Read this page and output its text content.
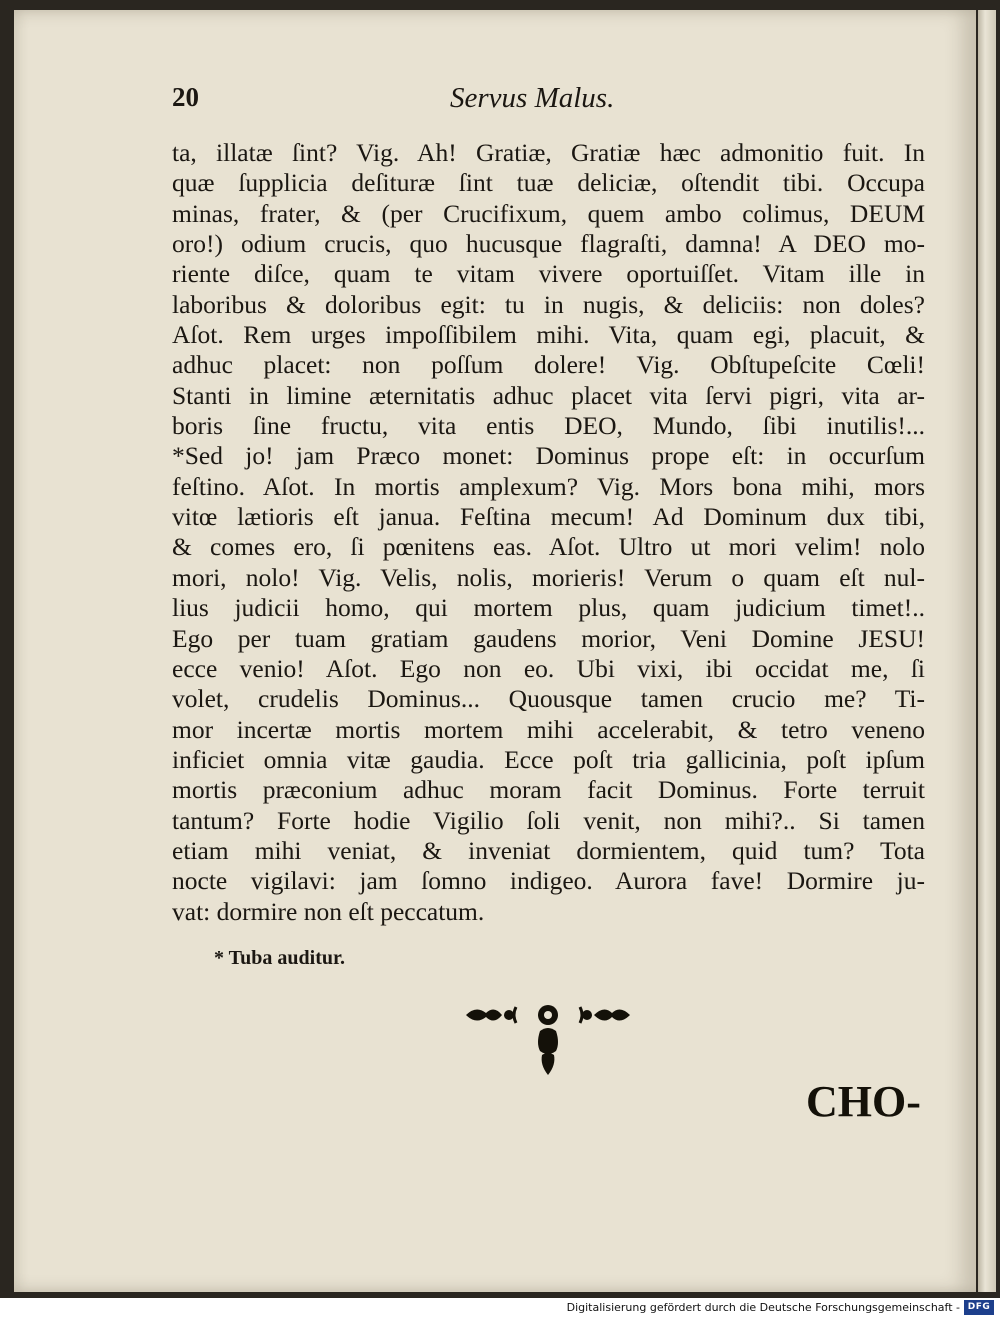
20	Servus Malus.
ta, illatæ ſint? Vig. Ah! Gratiæ, Gratiæ hæc admonitio fuit. In
quæ ſupplicia deſituræ ſint tuæ deliciæ, oſtendit tibi. Occupa
minas, frater, & (per Crucifixum, quem ambo colimus, DEUM
oro!) odium crucis, quo hucusque flagraſti, damna! A DEO mo-
riente diſce, quam te vitam vivere oportuiſſet. Vitam ille in
laboribus & doloribus egit: tu in nugis, & deliciis: non doles?
Aſot. Rem urges impoſſibilem mihi. Vita, quam egi, placuit, &
adhuc placet: non poſſum dolere! Vig. Obſtupeſcite Cœli!
Stanti in limine æternitatis adhuc placet vita ſervi pigri, vita ar-
boris ſine fructu, vita entis DEO, Mundo, ſibi inutilis!...
*Sed jo! jam Præco monet: Dominus prope eſt: in occurſum
feſtino. Aſot. In mortis amplexum? Vig. Mors bona mihi, mors
vitœ lætioris eſt janua. Feſtina mecum! Ad Dominum dux tibi,
& comes ero, ſi pœnitens eas. Aſot. Ultro ut mori velim! nolo
mori, nolo! Vig. Velis, nolis, morieris! Verum o quam eſt nul-
lius judicii homo, qui mortem plus, quam judicium timet!..
Ego per tuam gratiam gaudens morior, Veni Domine JESU!
ecce venio! Aſot. Ego non eo. Ubi vixi, ibi occidat me, ſi
volet, crudelis Dominus... Quousque tamen crucio me? Ti-
mor incertæ mortis mortem mihi accelerabit, & tetro veneno
inficiet omnia vitæ gaudia. Ecce poſt tria gallicinia, poſt ipſum
mortis præconium adhuc moram facit Dominus. Forte terruit
tantum? Forte hodie Vigilio ſoli venit, non mihi?.. Si tamen
etiam mihi veniat, & inveniat dormientem, quid tum? Tota
nocte vigilavi: jam ſomno indigeo. Aurora fave! Dormire ju-
vat: dormire non eſt peccatum.
* Tuba auditur.
CHO-
Digitalisierung gefördert durch die Deutsche Forschungsgemeinschaft - DFG
